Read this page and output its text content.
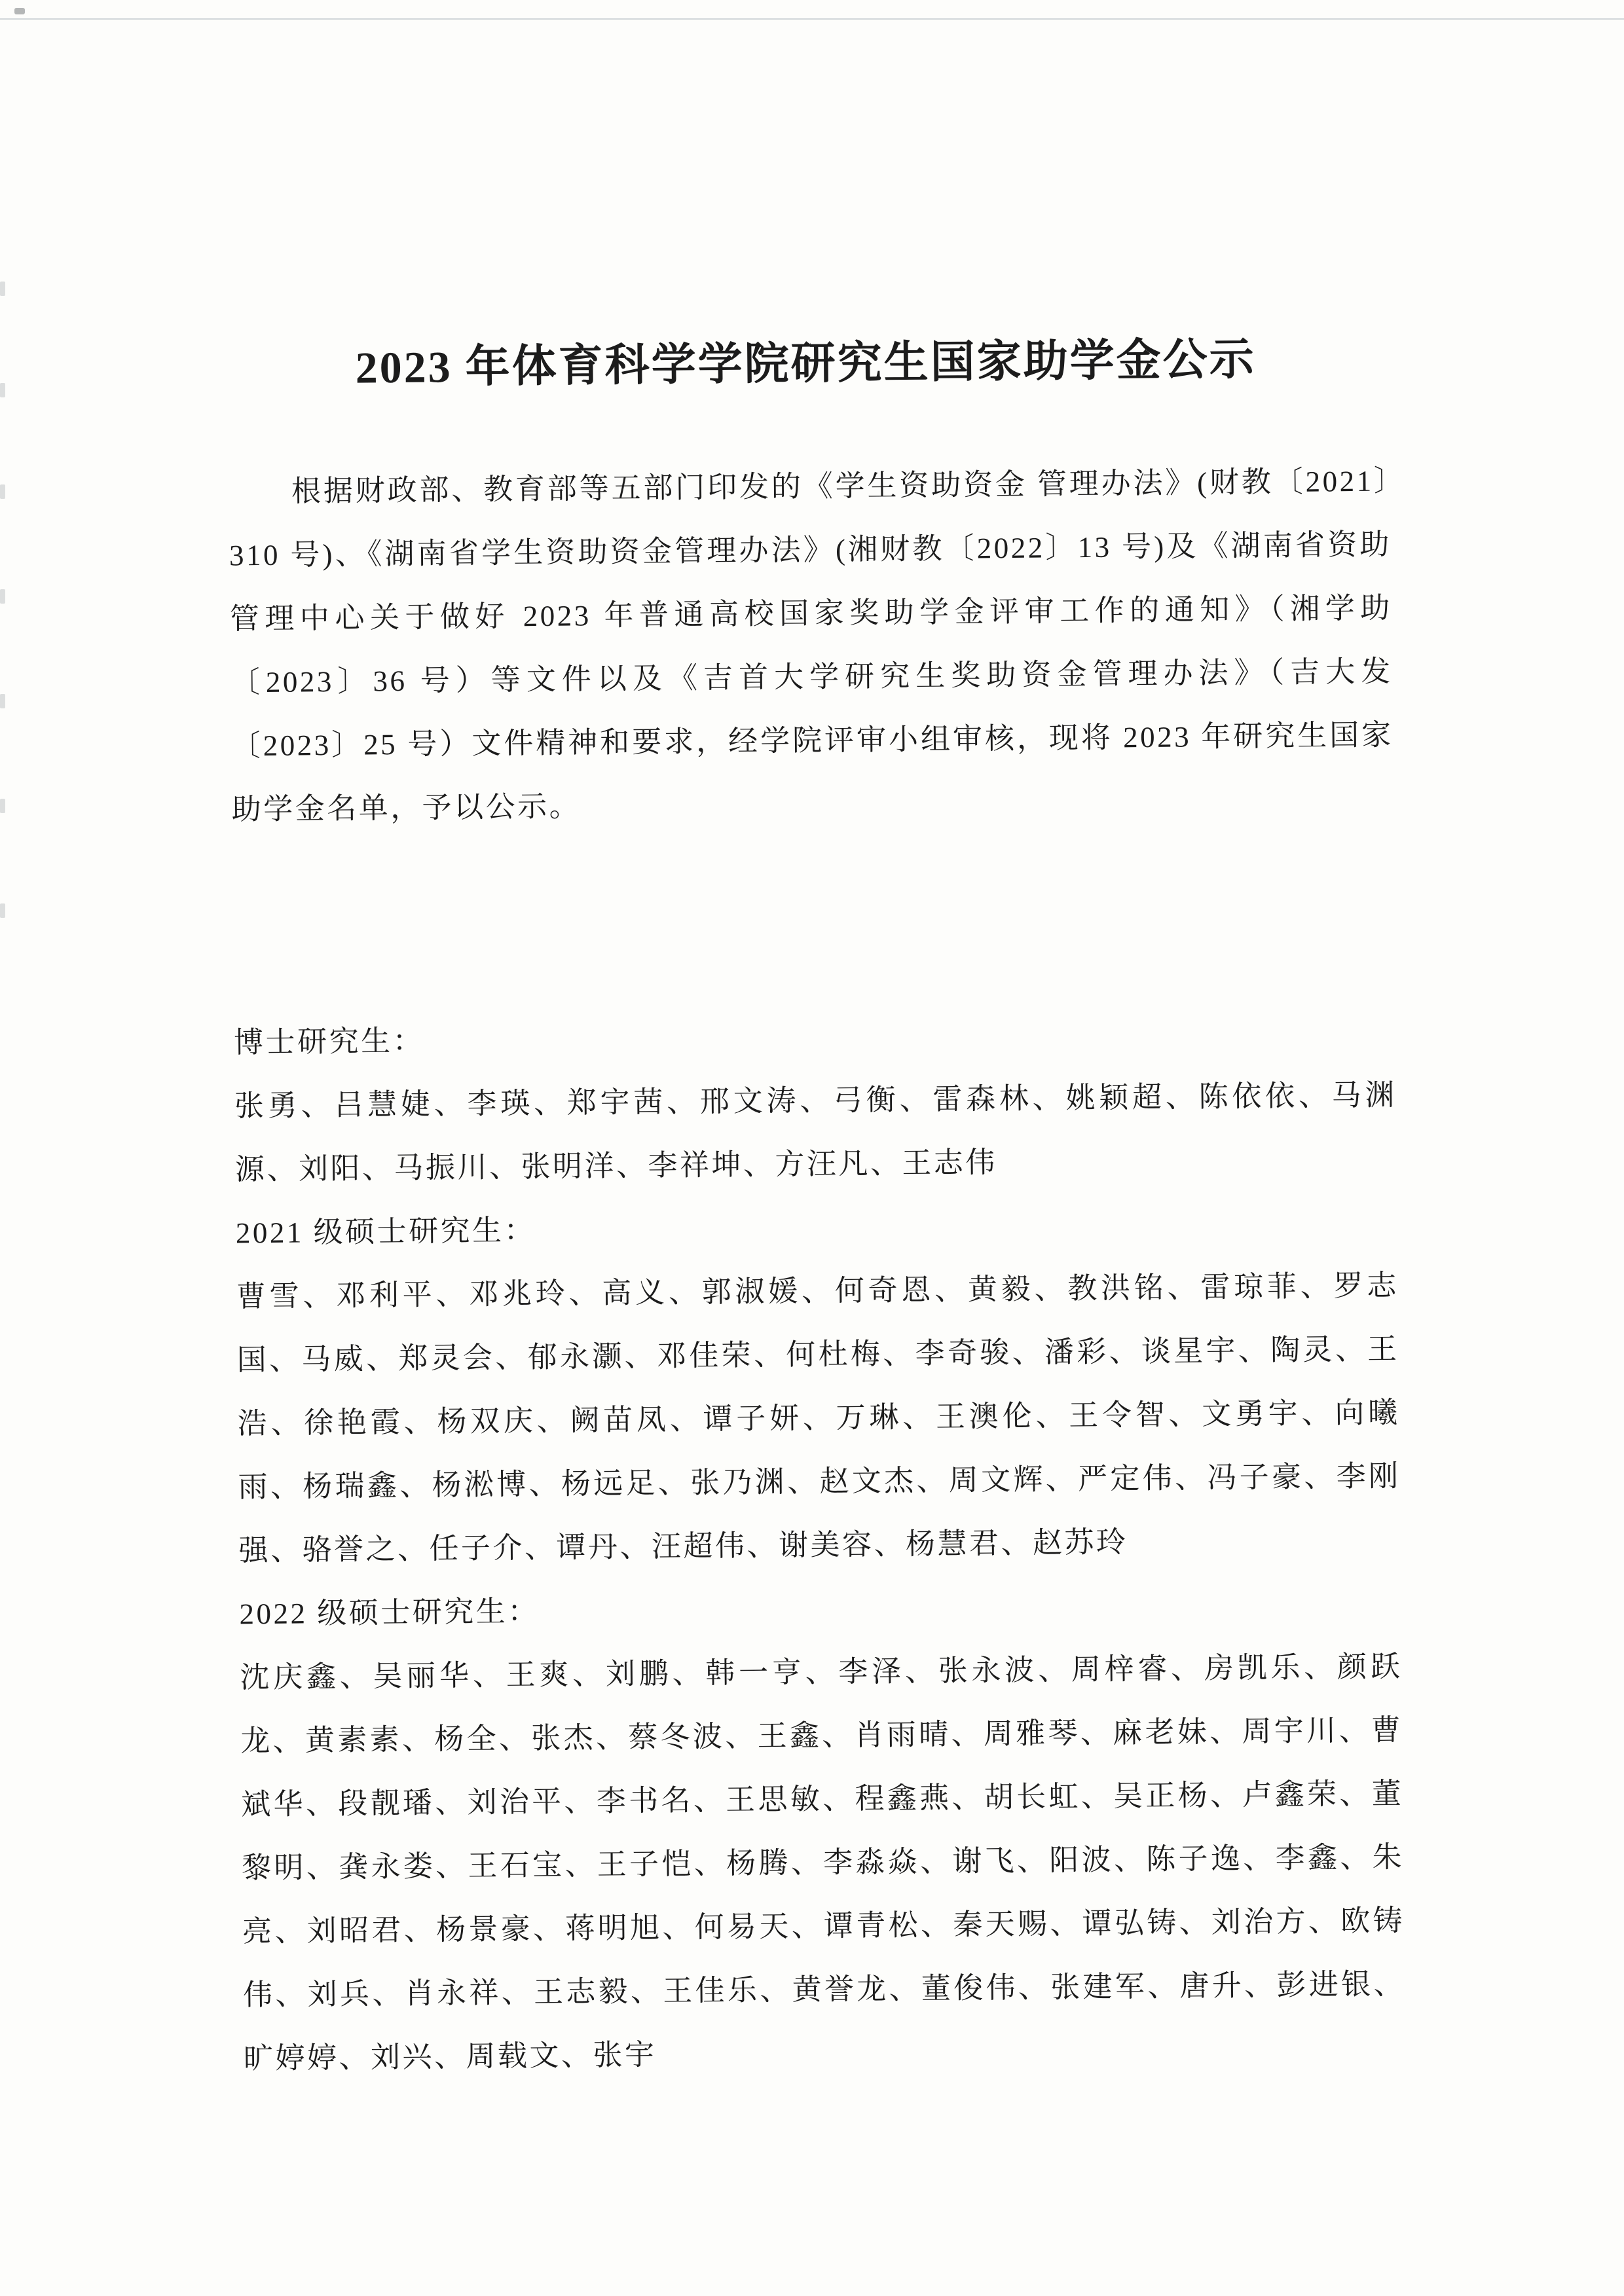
2023 年体育科学学院研究生国家助学金公示

根据财政部、教育部等五部门印发的《学生资助资金 管理办法》(财教〔2021〕310 号)、《湖南省学生资助资金管理办法》(湘财教〔2022〕13 号)及《湖南省资助管理中心关于做好 2023 年普通高校国家奖助学金评审工作的通知》（湘学助〔2023〕36 号）等文件以及《吉首大学研究生奖助资金管理办法》（吉大发〔2023〕25 号）文件精神和要求，经学院评审小组审核，现将 2023 年研究生国家助学金名单，予以公示。

博士研究生：

张勇、吕慧婕、李瑛、郑宇茜、邢文涛、弓衡、雷森林、姚颖超、陈依依、马渊源、刘阳、马振川、张明洋、李祥坤、方汪凡、王志伟

2021 级硕士研究生：

曹雪、邓利平、邓兆玲、高义、郭淑媛、何奇恩、黄毅、教洪铭、雷琼菲、罗志国、马威、郑灵会、郁永灏、邓佳荣、何杜梅、李奇骏、潘彩、谈星宇、陶灵、王浩、徐艳霞、杨双庆、阙苗凤、谭子妍、万琳、王澳伦、王令智、文勇宇、向曦雨、杨瑞鑫、杨淞博、杨远足、张乃渊、赵文杰、周文辉、严定伟、冯子豪、李刚强、骆誉之、任子介、谭丹、汪超伟、谢美容、杨慧君、赵苏玲

2022 级硕士研究生：

沈庆鑫、吴丽华、王爽、刘鹏、韩一亨、李泽、张永波、周梓睿、房凯乐、颜跃龙、黄素素、杨全、张杰、蔡冬波、王鑫、肖雨晴、周雅琴、麻老妹、周宇川、曹斌华、段靓璠、刘治平、李书名、王思敏、程鑫燕、胡长虹、吴正杨、卢鑫荣、董黎明、龚永娄、王石宝、王子恺、杨腾、李淼焱、谢飞、阳波、陈子逸、李鑫、朱亮、刘昭君、杨景豪、蒋明旭、何易天、谭青松、秦天赐、谭弘铸、刘治方、欧铸伟、刘兵、肖永祥、王志毅、王佳乐、黄誉龙、董俊伟、张建军、唐升、彭进银、旷婷婷、刘兴、周载文、张宇
